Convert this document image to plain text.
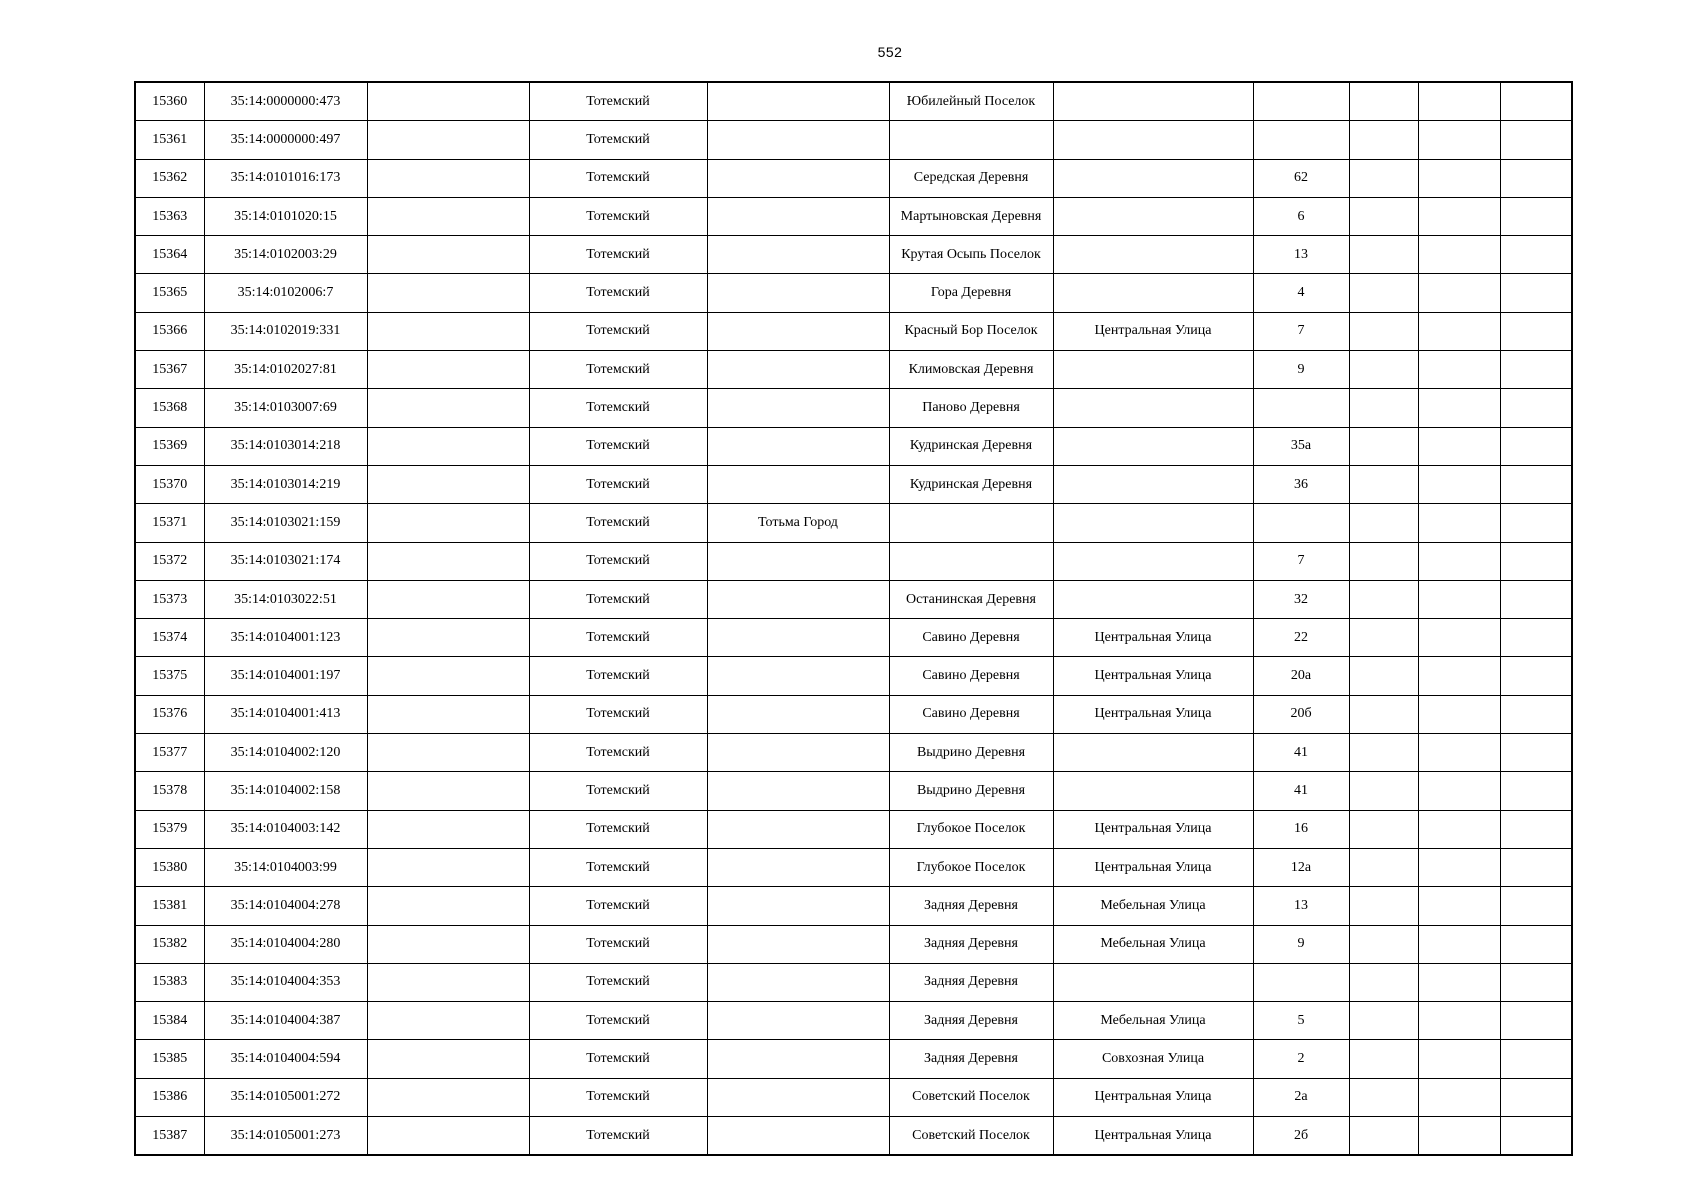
552
15360	35:14:0000000:473		Тотемский		Юбилейный Поселок					
15361	35:14:0000000:497		Тотемский							
15362	35:14:0101016:173		Тотемский		Середская Деревня		62			
15363	35:14:0101020:15		Тотемский		Мартыновская Деревня		6			
15364	35:14:0102003:29		Тотемский		Крутая Осыпь Поселок		13			
15365	35:14:0102006:7		Тотемский		Гора Деревня		4			
15366	35:14:0102019:331		Тотемский		Красный Бор Поселок	Центральная Улица	7			
15367	35:14:0102027:81		Тотемский		Климовская Деревня		9			
15368	35:14:0103007:69		Тотемский		Паново Деревня					
15369	35:14:0103014:218		Тотемский		Кудринская Деревня		35а			
15370	35:14:0103014:219		Тотемский		Кудринская Деревня		36			
15371	35:14:0103021:159		Тотемский	Тотьма Город						
15372	35:14:0103021:174		Тотемский				7			
15373	35:14:0103022:51		Тотемский		Останинская Деревня		32			
15374	35:14:0104001:123		Тотемский		Савино Деревня	Центральная Улица	22			
15375	35:14:0104001:197		Тотемский		Савино Деревня	Центральная Улица	20а			
15376	35:14:0104001:413		Тотемский		Савино Деревня	Центральная Улица	20б			
15377	35:14:0104002:120		Тотемский		Выдрино Деревня		41			
15378	35:14:0104002:158		Тотемский		Выдрино Деревня		41			
15379	35:14:0104003:142		Тотемский		Глубокое Поселок	Центральная Улица	16			
15380	35:14:0104003:99		Тотемский		Глубокое Поселок	Центральная Улица	12а			
15381	35:14:0104004:278		Тотемский		Задняя Деревня	Мебельная Улица	13			
15382	35:14:0104004:280		Тотемский		Задняя Деревня	Мебельная Улица	9			
15383	35:14:0104004:353		Тотемский		Задняя Деревня					
15384	35:14:0104004:387		Тотемский		Задняя Деревня	Мебельная Улица	5			
15385	35:14:0104004:594		Тотемский		Задняя Деревня	Совхозная Улица	2			
15386	35:14:0105001:272		Тотемский		Советский Поселок	Центральная Улица	2а			
15387	35:14:0105001:273		Тотемский		Советский Поселок	Центральная Улица	2б			
